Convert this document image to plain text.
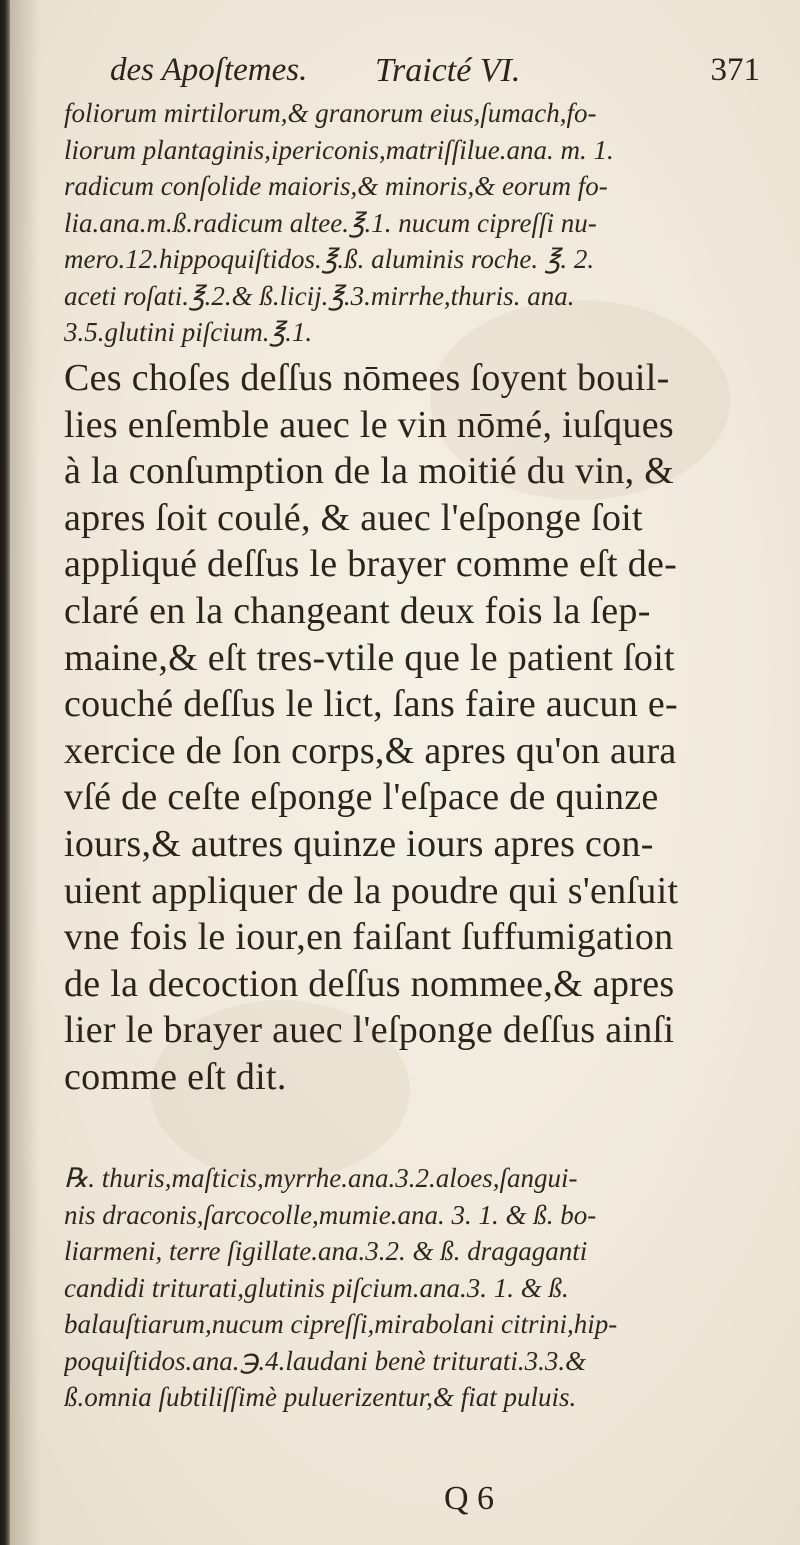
des Apoſtemes. Traicté VI.	371
foliorum mirtilorum,& granorum eius,ſumach,fo-
liorum plantaginis,ipericonis,matriſſilue.ana. m. 1.
radicum conſolide maioris,& minoris,& eorum fo-
lia.ana.m.ß.radicum altee.℥.1. nucum cipreſſi nu-
mero.12.hippoquiſtidos.℥.ß. aluminis roche. ℥. 2.
aceti roſati.℥.2.& ß.licij.℥.3.mirrhe,thuris. ana.
3.5.glutini piſcium.℥.1.
Ces choſes deſſus nōmees ſoyent bouil-
lies enſemble auec le vin nōmé, iuſques
à la conſumption de la moitié du vin, &
apres ſoit coulé, & auec l'eſponge ſoit
appliqué deſſus le brayer comme eſt de-
claré en la changeant deux fois la ſep-
maine,& eſt tres-vtile que le patient ſoit
couché deſſus le lict, ſans faire aucun e-
xercice de ſon corps,& apres qu'on aura
vſé de ceſte eſponge l'eſpace de quinze
iours,& autres quinze iours apres con-
uient appliquer de la poudre qui s'enſuit
vne fois le iour,en faiſant ſuffumigation
de la decoction deſſus nommee,& apres
lier le brayer auec l'eſponge deſſus ainſi
comme eſt dit.
℞. thuris,maſticis,myrrhe.ana.3.2.aloes,ſangui-
nis draconis,ſarcocolle,mumie.ana. 3. 1. & ß. bo-
liarmeni, terre ſigillate.ana.3.2. & ß. dragaganti
candidi triturati,glutinis piſcium.ana.3. 1. & ß.
balauſtiarum,nucum cipreſſi,mirabolani citrini,hip-
poquiſtidos.ana.℈.4.laudani benè triturati.3.3.&
ß.omnia ſubtiliſſimè puluerizentur,& fiat puluis.
Q 6
